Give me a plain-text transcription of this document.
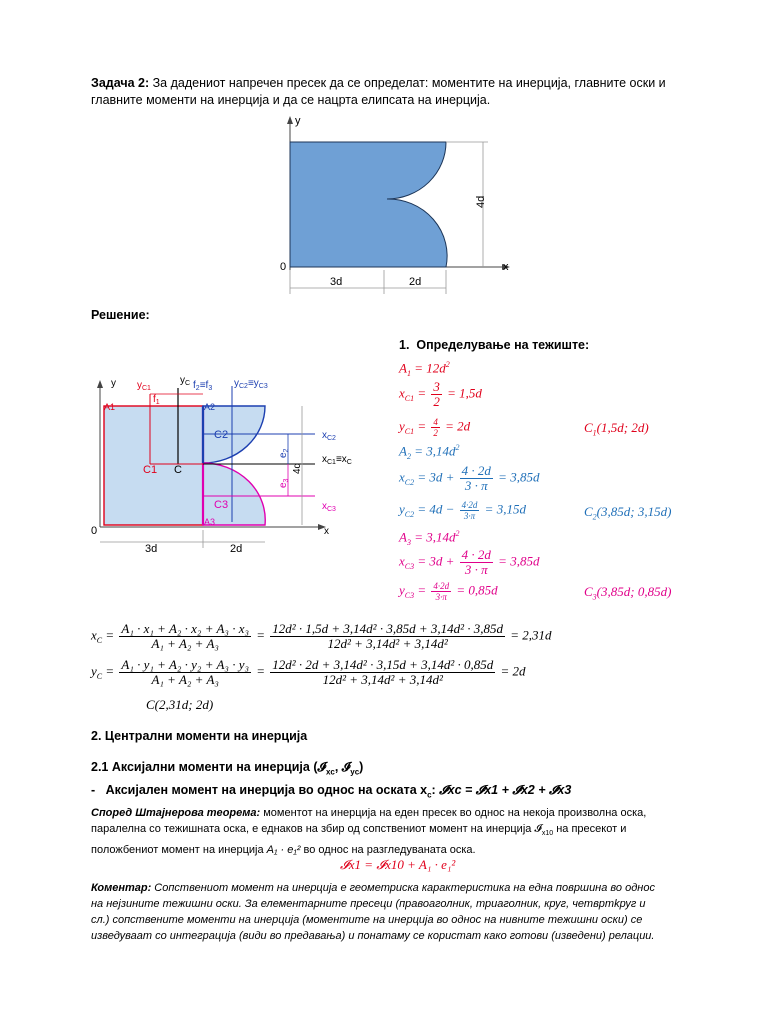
Задача 2: За дадениот напречен пресек да се определат: моментите на инерција, главните оски и
главните моменти на инерција и да се нацрта елипсата на инерција.
4d
0
y
x
3d	2d
Решение:
y $y_{C1}$
$y_C$
$f_1$
$f_2\equiv f_3$ $y_{C2}\equiv y_{C3}$
A1	A2
A3
C2
C1 C
C3
$x_{C2}$
$x_{C1}\equiv x_C$
$x_{C3}$
$e_2$
$e_3$
4d
0	x
3d	2d
1. Определување на тежиште:
$A_1 = 12d^2$
$x_{C1} = \frac{3}{2} = 1,5d$
$y_{C1} = \frac{4}{2} = 2d$	$C_1(1,5d$; 2d)
$A_2 = 3,14d^2$
$x_{C2} = 3d + \frac{4 \cdot 2d}{3 \cdot \pi} = 3,85d$
$y_{C2} = 4d - \frac{4\cdot 2d}{3\cdot\pi} = 3,15d$	$C_2(3,85d$; 3,15d)
$A_3 = 3,14d^2$
$x_{C3} = 3d + \frac{4 \cdot 2d}{3 \cdot \pi} = 3,85d$
$y_{C3} = \frac{4\cdot 2d}{3\cdot\pi} = 0,85d$	$C_3(3,85d$; 0,85d)
$x_C = \frac{\text{A₁ · x₁ + A₂ · x₂ + A₃ · x₃}}{\text{A₁ + A₂ + A₃}} = \frac{\text{12d² · 1,5d + 3,14d² · 3,85d + 3,14d² · 3,85d}}{\text{12d² + 3,14d² + 3,14d²}} = 2,31d$
$y_C = \frac{\text{A₁ · y₁ + A₂ · y₂ + A₃ · y₃}}{\text{A₁ + A₂ + A₃}} = \frac{\text{12d² · 2d + 3,14d² · 3,15d + 3,14d² · 0,85d}}{\text{12d² + 3,14d² + 3,14d²}} = 2d$
C(2,31d; 2d)
2. Централни моменти на инерција
2.1 Аксијални моменти на инерција (𝓘$_{xc}$, 𝓘$_{yc}$)
- Аксијален момент на инерција во однос на оската $x_c$: 𝓘xc = 𝓘x1 + 𝓘x2 + 𝓘x3
Според Штајнерова теорема: моментот на инерција на еден пресек во однос на некоја произволна оска,
паралелна со тежишната оска, е еднаков на збир од сопствениот момент на инерција 𝓘$_{x10}$ на пресекот и
положбениот момент на инерција A₁ · e₁² во однос на разгледуваната оска.
𝓘x1 = 𝓘x10 + A₁ · e₁²
Коментар: Сопствениот момент на инерција е геометриска карактеристика на една површина во однос
на нејзините тежишни оски. За елементарните пресеци (правоаголник, триаголник, круг, четвртkруг и
сл.) сопствените моменти на инерција (моментите на инерција во однос на нивните тежишни оски) се
изведуваат со интеграција (види во предавања) и понатаму се користат како готови (изведени) релации.
